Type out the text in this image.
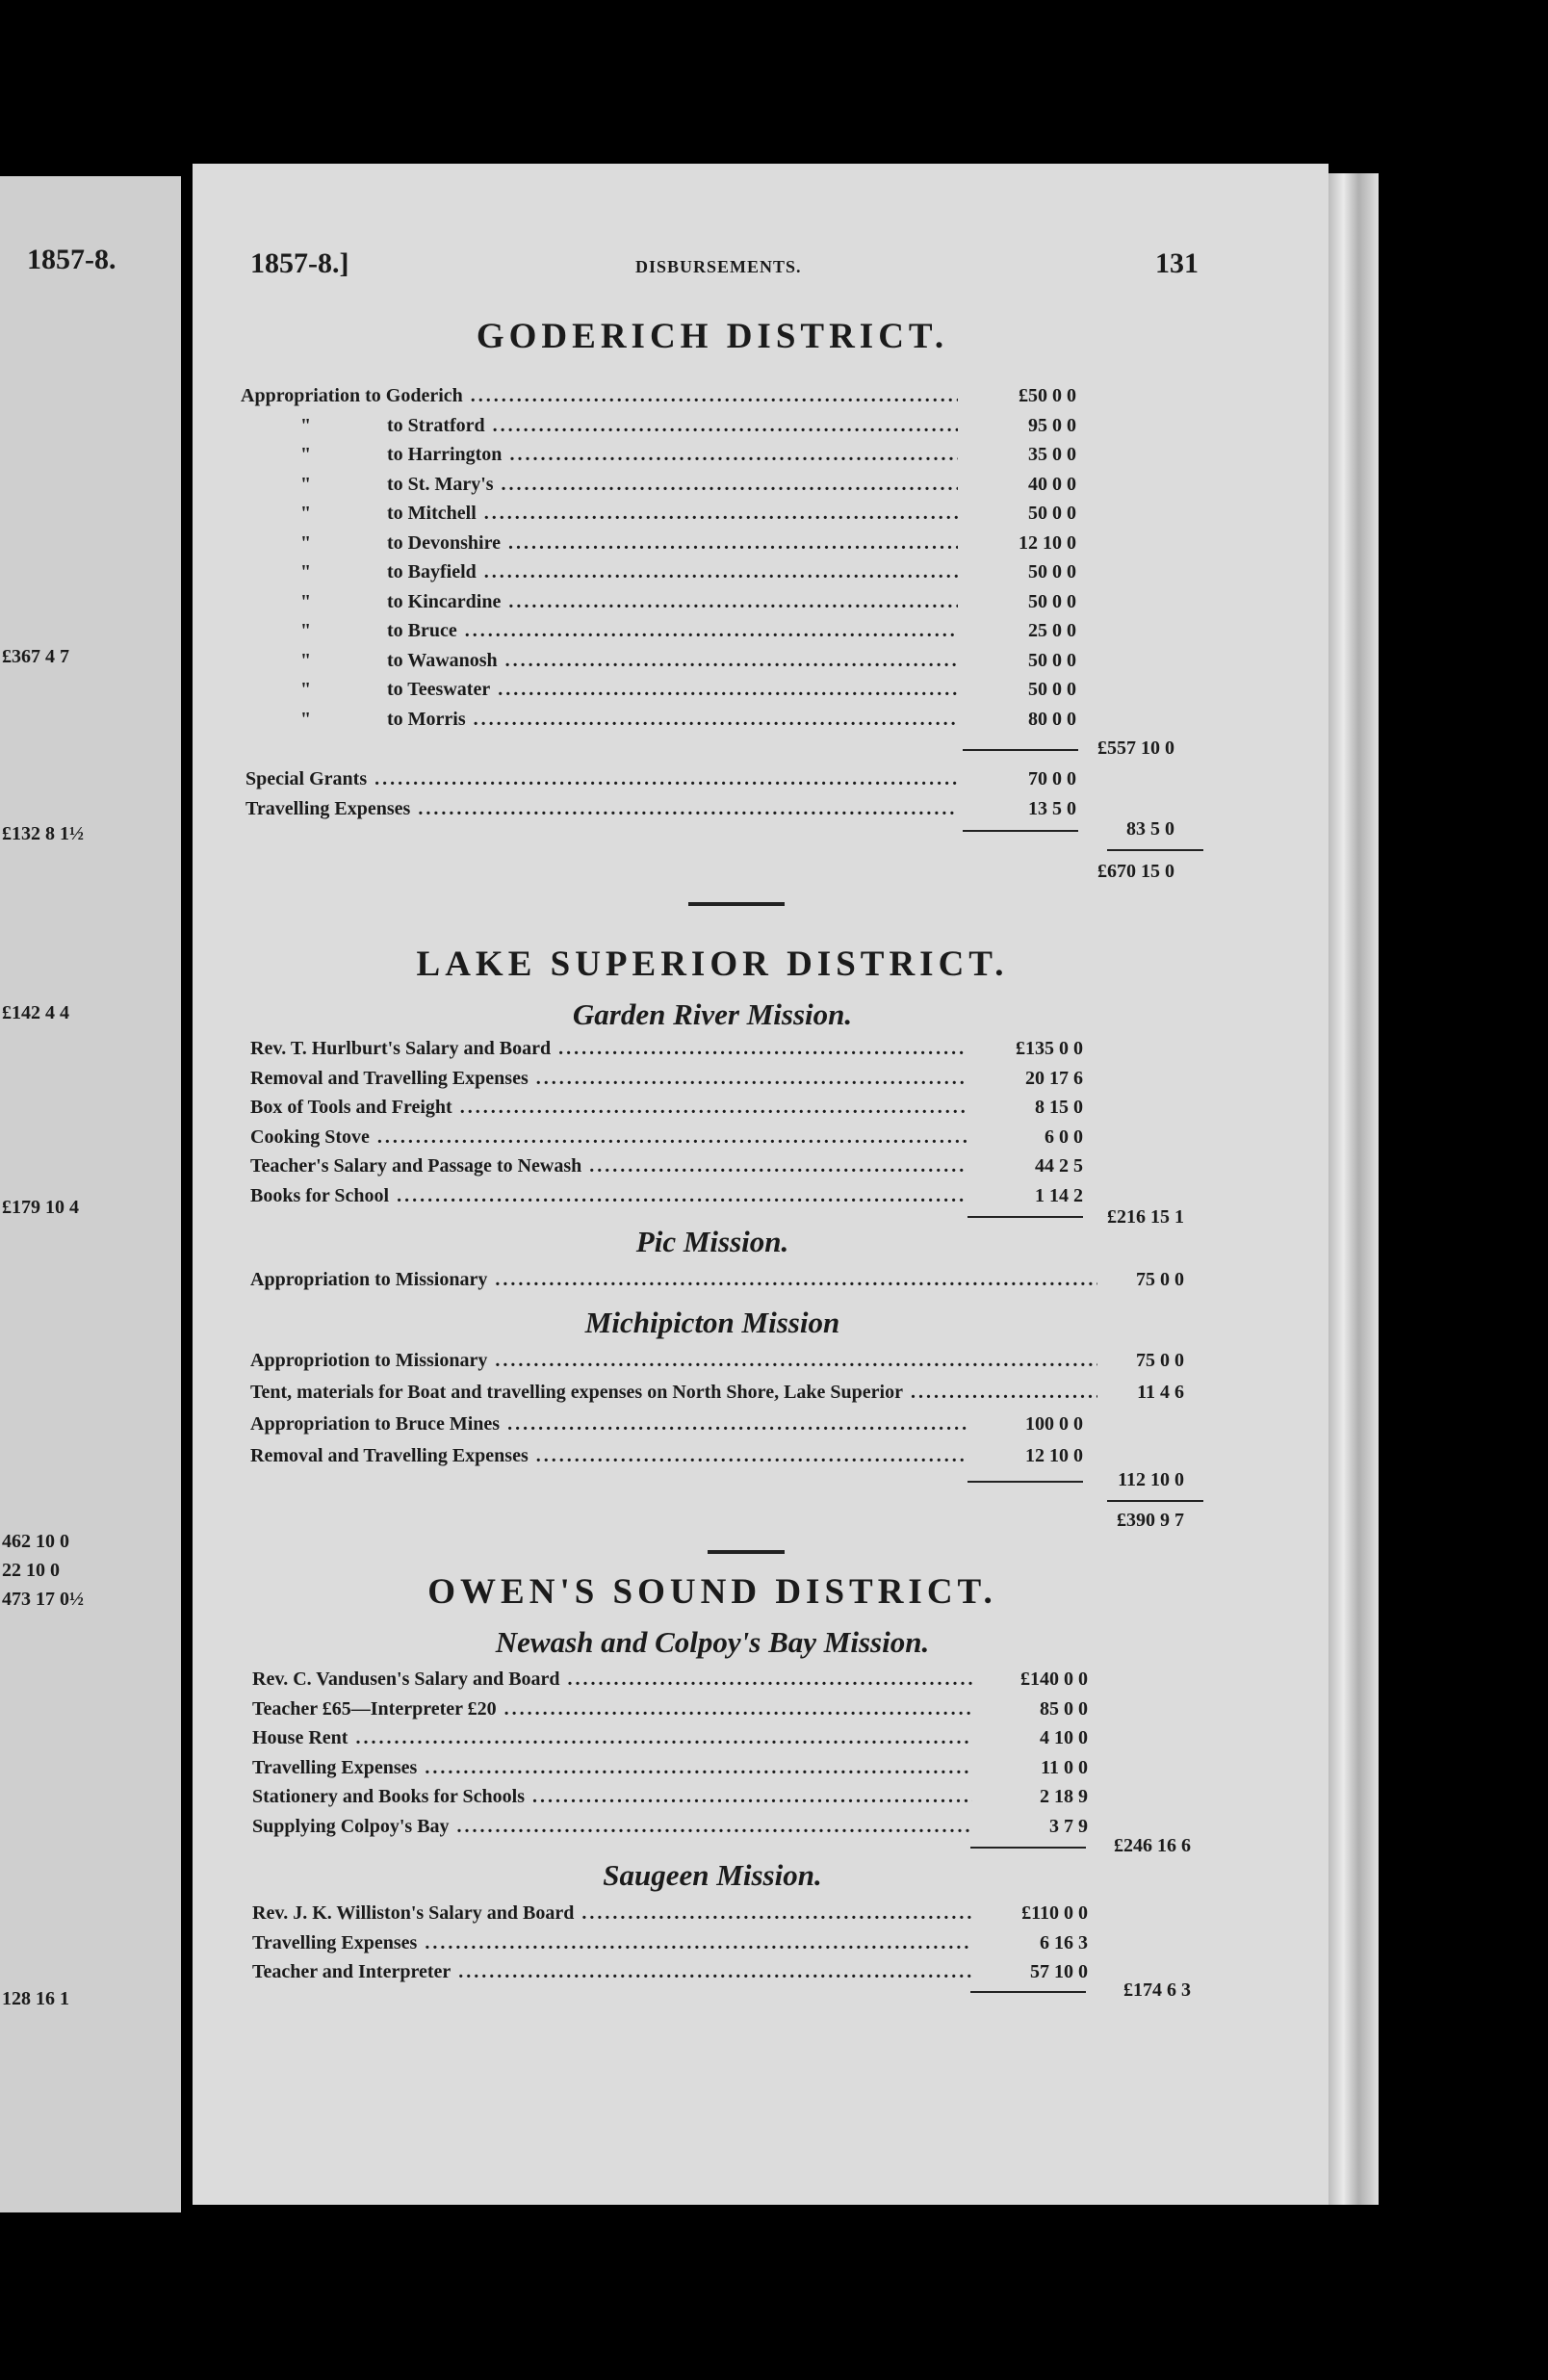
1857-8.
£367 4 7
£132 8 1½
£142 4 4
£179 10 4
462 10 0
22 10 0
473 17 0½
128 16 1
1857-8.]	DISBURSEMENTS.	131
GODERICH DISTRICT.
Appropriation to Goderich .....	£50 0 0
"	to Stratford .....	95 0 0
"	to Harrington .....	35 0 0
"	to St. Mary's .....	40 0 0
"	to Mitchell .....	50 0 0
"	to Devonshire .....	12 10 0
"	to Bayfield .....	50 0 0
"	to Kincardine .....	50 0 0
"	to Bruce .....	25 0 0
"	to Wawanosh .....	50 0 0
"	to Teeswater .....	50 0 0
"	to Morris .....	80 0 0
£557 10 0
Special Grants .....	70 0 0
Travelling Expenses .....	13 5 0
83 5 0
£670 15 0
LAKE SUPERIOR DISTRICT.
Garden River Mission.
Rev. T. Hurlburt's Salary and Board .....	£135 0 0
Removal and Travelling Expenses .....	20 17 6
Box of Tools and Freight .....	8 15 0
Cooking Stove .....	6 0 0
Teacher's Salary and Passage to Newash .....	44 2 5
Books for School .....	1 14 2
£216 15 1
Pic Mission.
Appropriation to Missionary .....	75 0 0
Michipicton Mission
Appropriotion to Missionary .....	75 0 0
Tent, materials for Boat and travelling expenses on North Shore, Lake Superior .....	11 4 6
Appropriation to Bruce Mines .....	100 0 0
Removal and Travelling Expenses .....	12 10 0
112 10 0
£390 9 7
OWEN'S SOUND DISTRICT.
Newash and Colpoy's Bay Mission.
Rev. C. Vandusen's Salary and Board .....	£140 0 0
Teacher £65—Interpreter £20 .....	85 0 0
House Rent .....	4 10 0
Travelling Expenses .....	11 0 0
Stationery and Books for Schools .....	2 18 9
Supplying Colpoy's Bay .....	3 7 9
£246 16 6
Saugeen Mission.
Rev. J. K. Williston's Salary and Board .....	£110 0 0
Travelling Expenses .....	6 16 3
Teacher and Interpreter .....	57 10 0
£174 6 3
